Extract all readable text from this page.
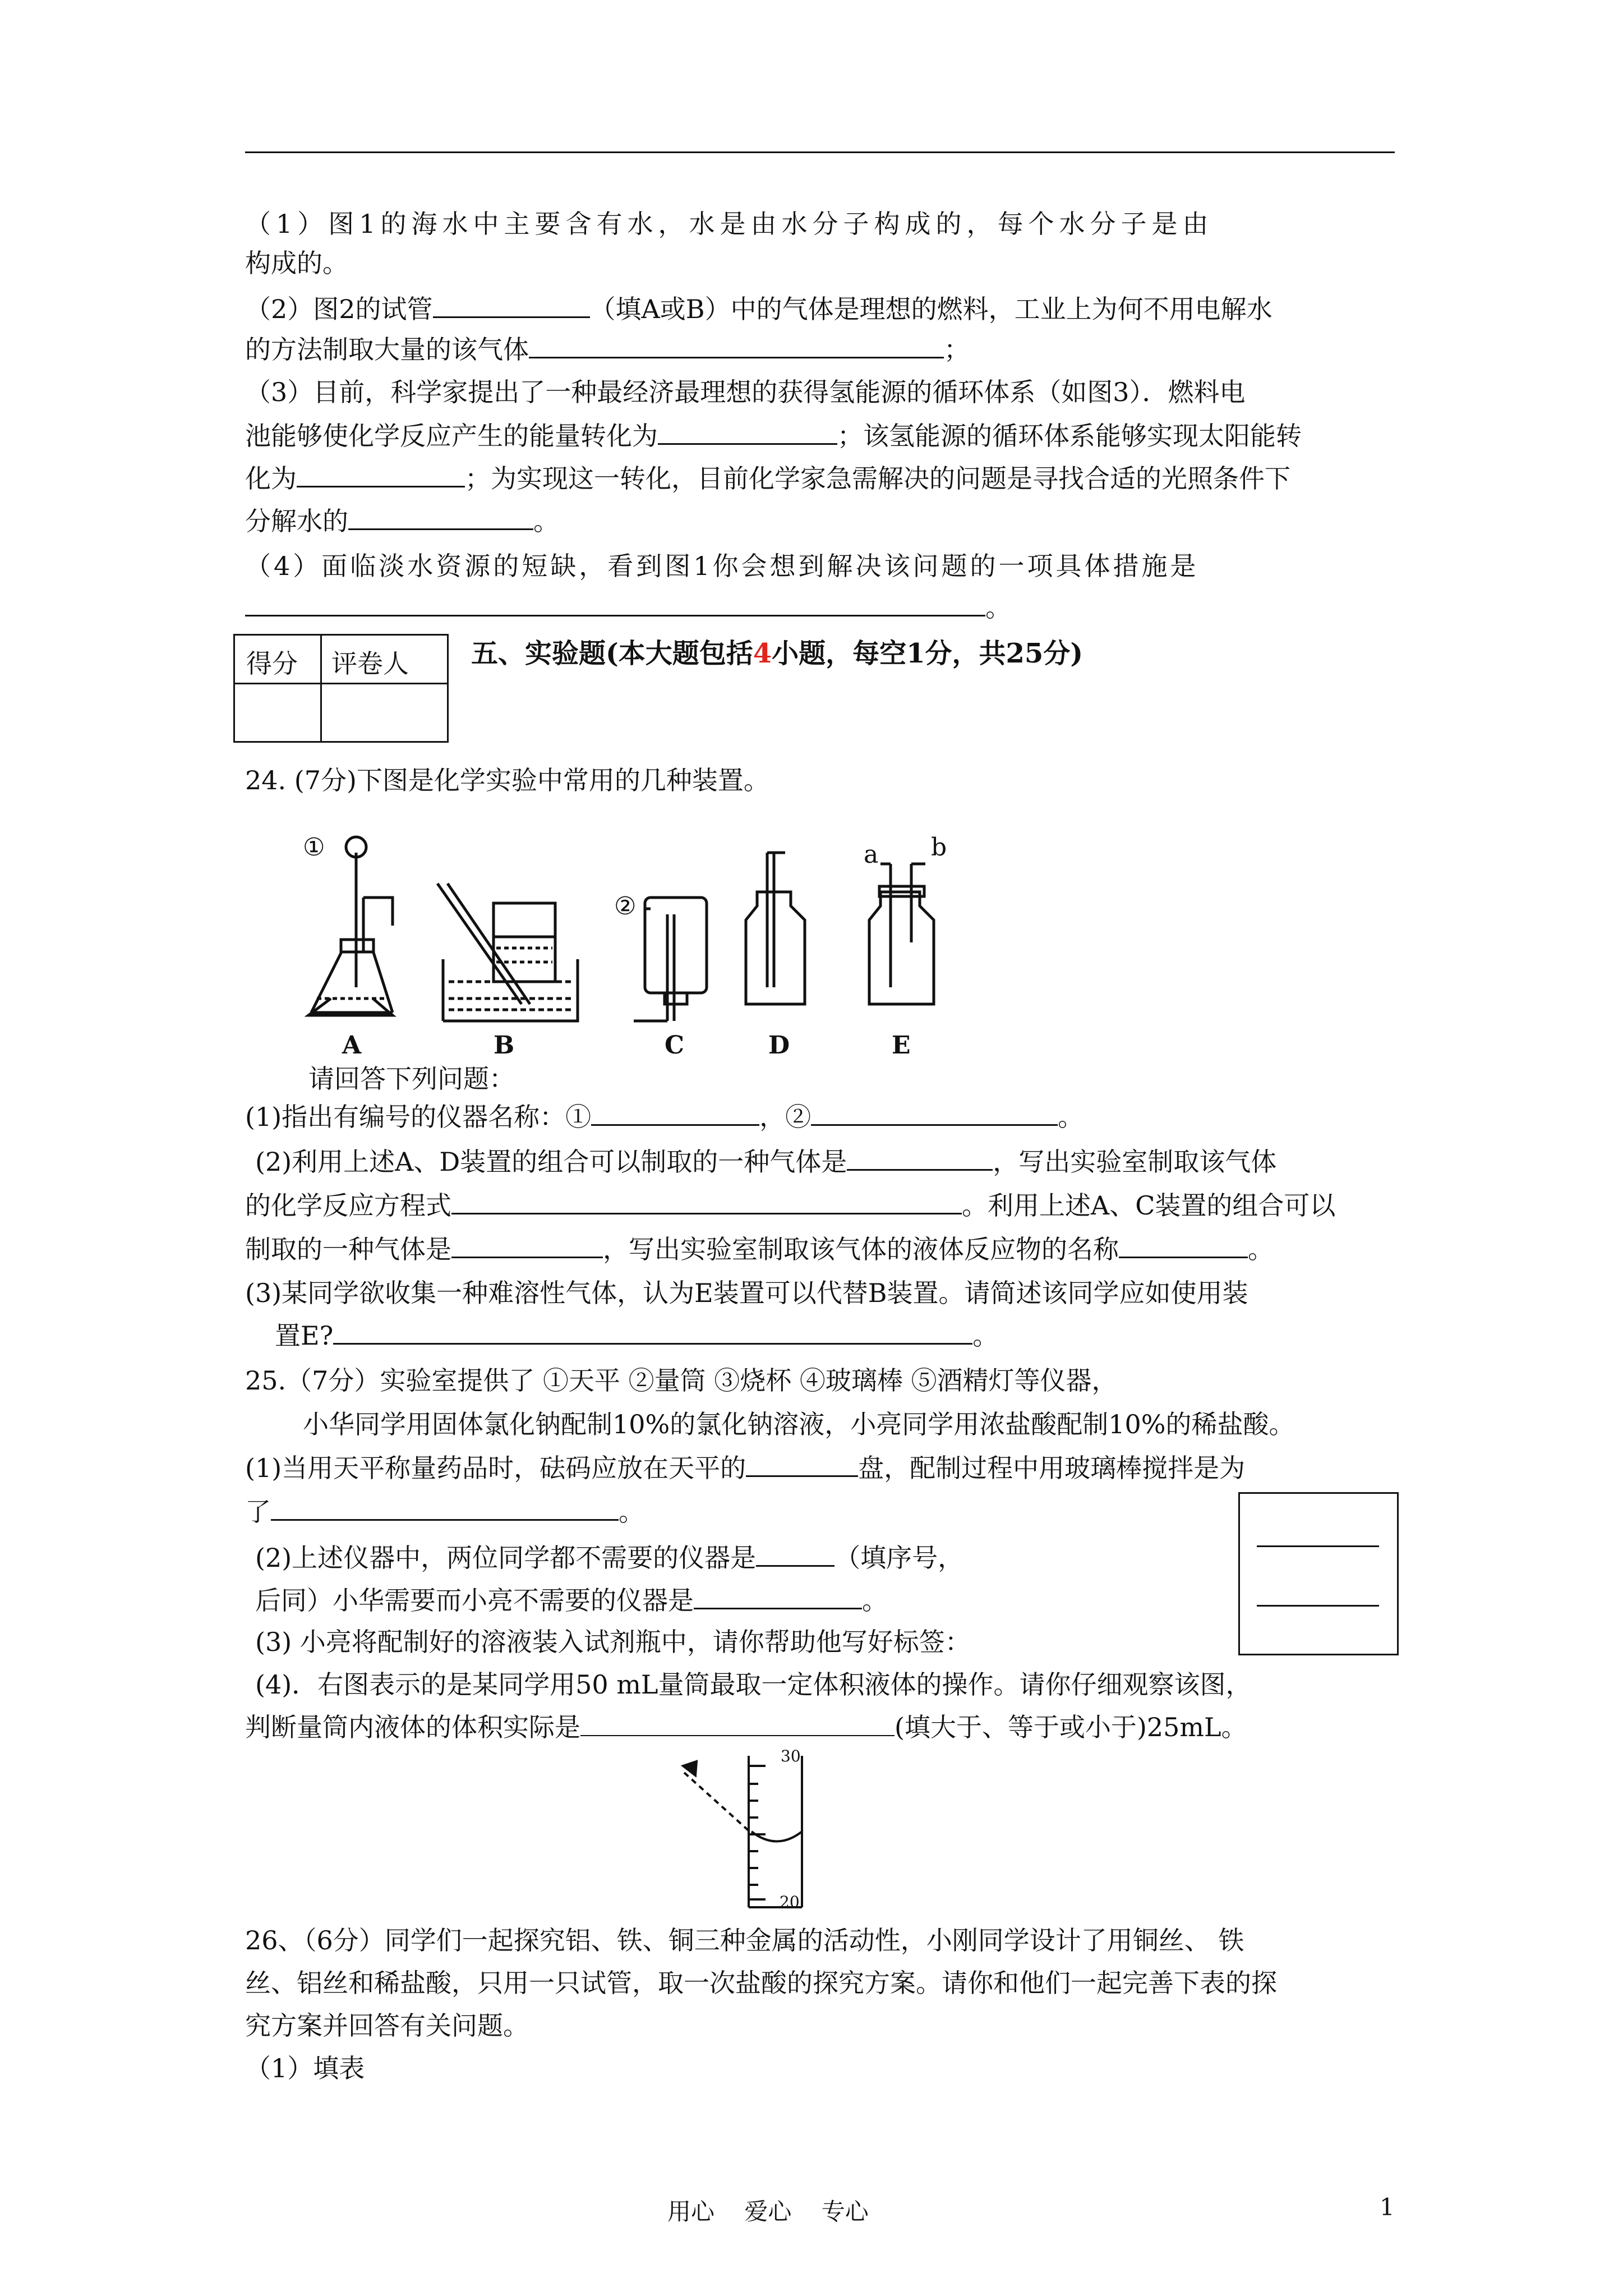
（1）图1的海水中主要含有水，水是由水分子构成的，每个水分子是由
构成的。
（2）图2的试管	（填A或B）中的气体是理想的燃料，工业上为何不用电解水
的方法制取大量的该气体	；
（3）目前，科学家提出了一种最经济最理想的获得氢能源的循环体系（如图3）．燃料电
池能够使化学反应产生的能量转化为	；该氢能源的循环体系能够实现太阳能转
化为	；为实现这一转化，目前化学家急需解决的问题是寻找合适的光照条件下
分解水的	。
（4）面临淡水资源的短缺，看到图1你会想到解决该问题的一项具体措施是
。
得分 评卷人 五、实验题(本大题包括4小题，每空1分，共25分)
24. (7分)下图是化学实验中常用的几种装置。
①
②
a b
A	B	C	D	E
请回答下列问题：
(1)指出有编号的仪器名称：①	，②	。
(2)利用上述A、D装置的组合可以制取的一种气体是	，写出实验室制取该气体
的化学反应方程式	。利用上述A、C装置的组合可以
制取的一种气体是	，写出实验室制取该气体的液体反应物的名称	。
(3)某同学欲收集一种难溶性气体，认为E装置可以代替B装置。请简述该同学应如使用装
置E?	。
25.（7分）实验室提供了 ①天平 ②量筒 ③烧杯 ④玻璃棒 ⑤酒精灯等仪器，
小华同学用固体氯化钠配制10%的氯化钠溶液，小亮同学用浓盐酸配制10%的稀盐酸。
(1)当用天平称量药品时，砝码应放在天平的	盘，配制过程中用玻璃棒搅拌是为
了	。
(2)上述仪器中，两位同学都不需要的仪器是	（填序号，
后同）小华需要而小亮不需要的仪器是	。
(3) 小亮将配制好的溶液装入试剂瓶中，请你帮助他写好标签：
(4)．右图表示的是某同学用50 mL量筒最取一定体积液体的操作。请你仔细观察该图，
判断量筒内液体的体积实际是	(填大于、等于或小于)25mL。
30
20
26、（6分）同学们一起探究铝、铁、铜三种金属的活动性，小刚同学设计了用铜丝、 铁
丝、铝丝和稀盐酸，只用一只试管，取一次盐酸的探究方案。请你和他们一起完善下表的探
究方案并回答有关问题。
（1）填表
用心    爱心    专心	1
